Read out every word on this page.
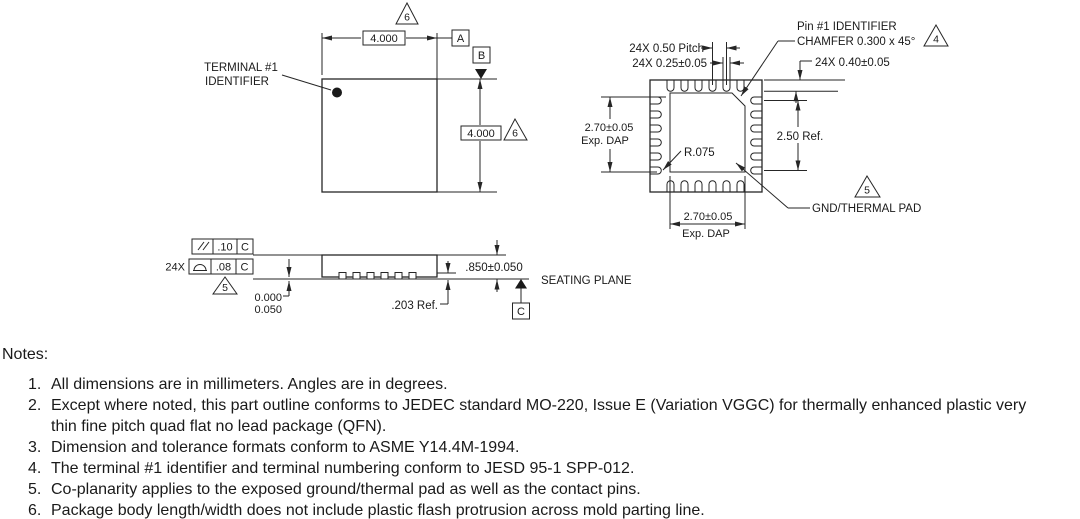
TERMINAL #1
IDENTIFIER
4.000
6
A
4.000 6
B
24X 0.50 Pitch
24X 0.25±0.05
Pin #1 IDENTIFIER
CHAMFER 0.300 x 45° 4
24X 0.40±0.05
2.70±0.05
Exp. DAP	2.50 Ref.
R.075
5
GND/THERMAL PAD
2.70±0.05
Exp. DAP
.10 C
24X	.08 C
5
0.000
0.050	.203 Ref.
.850±0.050
C
SEATING PLANE
Notes:
1. All dimensions are in millimeters. Angles are in degrees.
2. Except where noted, this part outline conforms to JEDEC standard MO-220, Issue E (Variation VGGC) for thermally enhanced plastic very thin fine pitch quad flat no lead package (QFN).
3. Dimension and tolerance formats conform to ASME Y14.4M-1994.
4. The terminal #1 identifier and terminal numbering conform to JESD 95-1 SPP-012.
5. Co-planarity applies to the exposed ground/thermal pad as well as the contact pins.
6. Package body length/width does not include plastic flash protrusion across mold parting line.
